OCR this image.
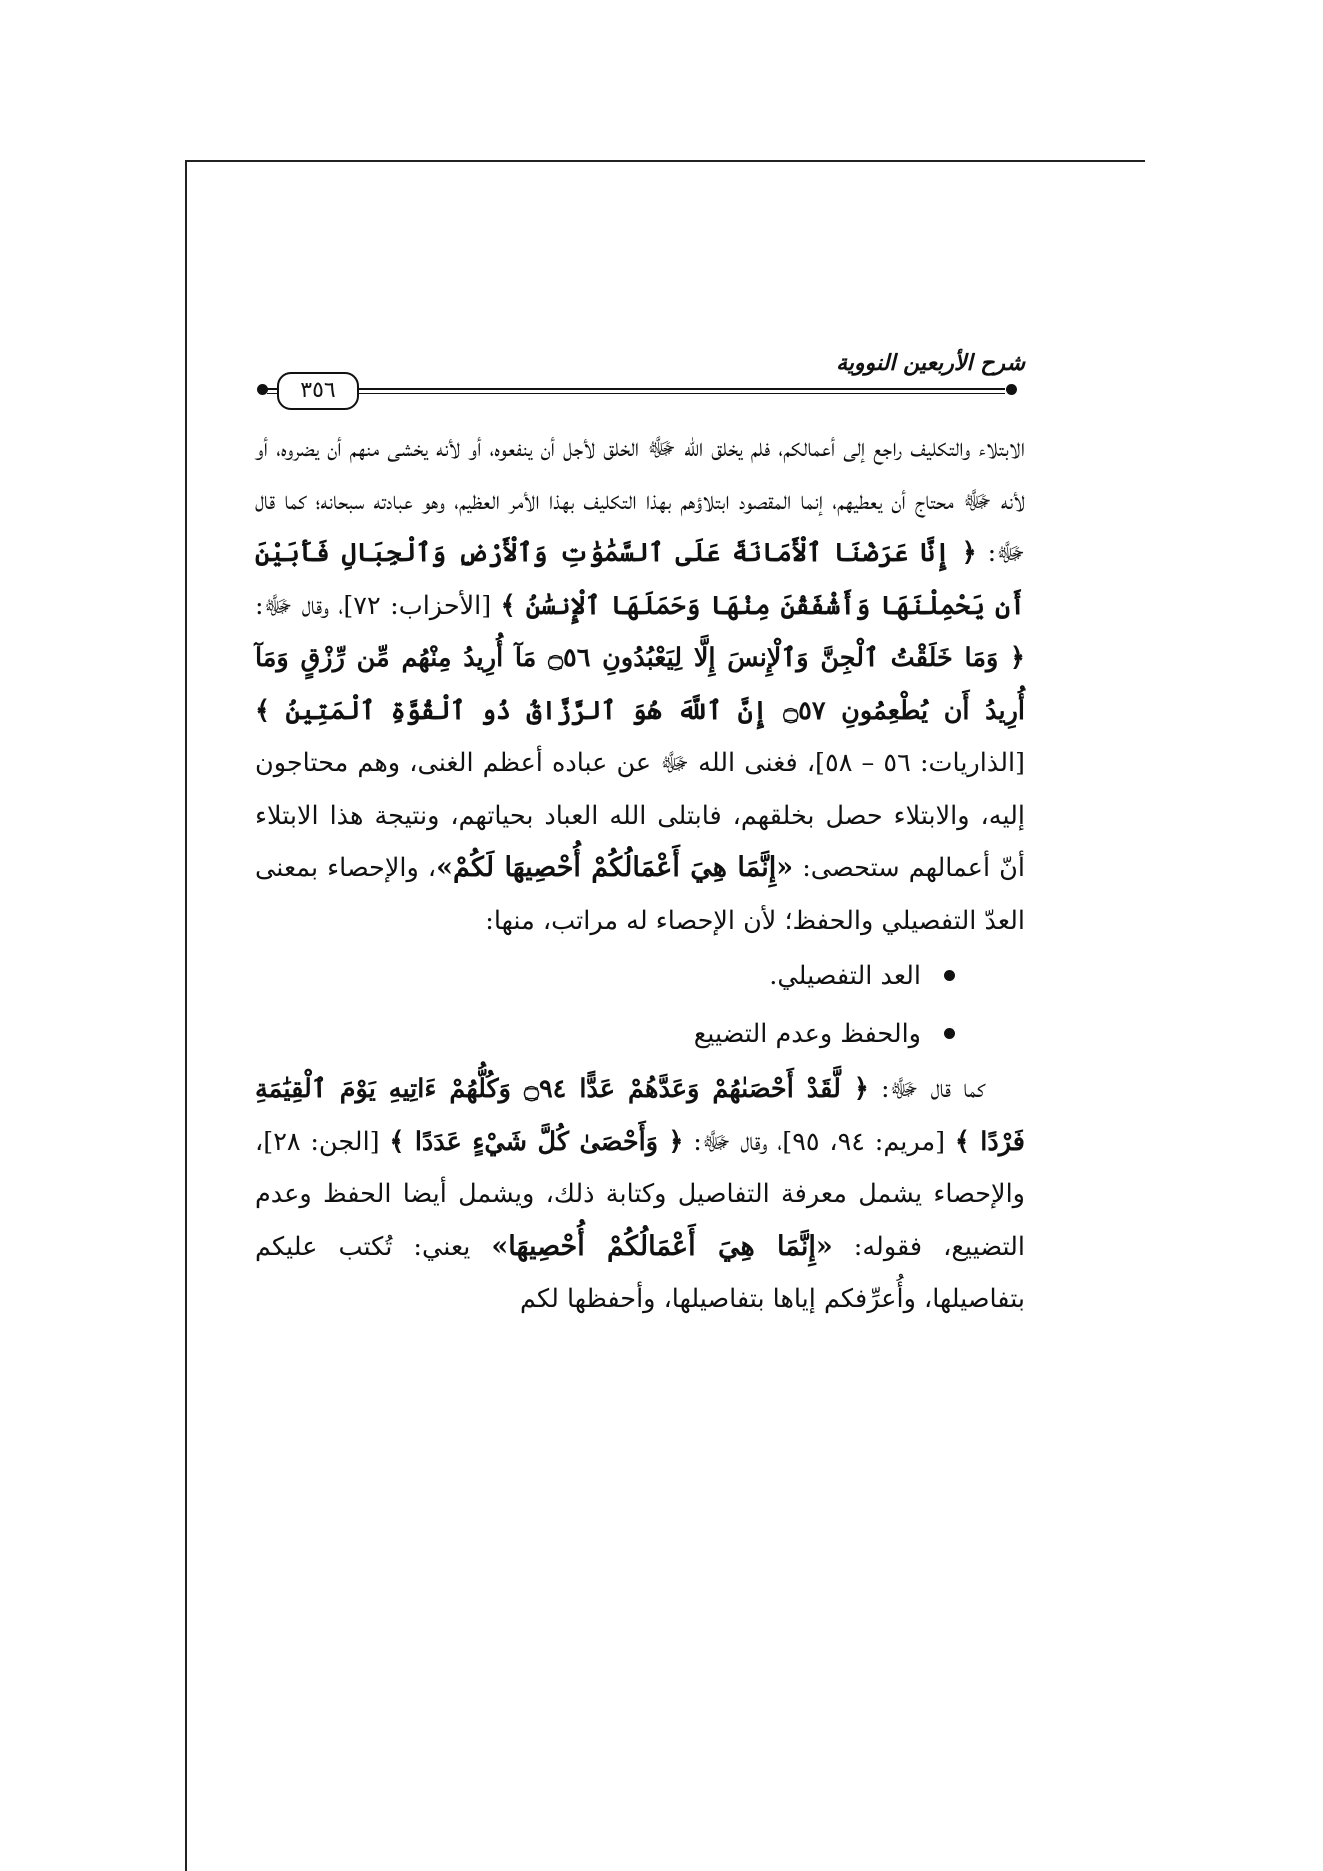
شرح الأربعين النووية
٣٥٦

الابتلاء والتكليف راجع إلى أعمالكم، فلم يخلق الله ﷻ الخلق لأجل أن ينفعوه، أو لأنه يخشى منهم أن يضروه، أو لأنه ﷻ محتاج أن يعطيهم، إنما المقصود ابتلاؤهم بهذا التكليف بهذا الأمر العظيم، وهو عبادته سبحانه؛ كما قال ﷻ: ﴿ إِنَّا عَرَضْنَا ٱلْأَمَانَةَ عَلَى ٱلسَّمَٰوَٰتِ وَٱلْأَرْضِ وَٱلْجِبَالِ فَأَبَيْنَ أَن يَحْمِلْنَهَا وَأَشْفَقْنَ مِنْهَا وَحَمَلَهَا ٱلْإِنسَٰنُ ﴾ [الأحزاب: ٧٢]، وقال ﷻ: ﴿ وَمَا خَلَقْتُ ٱلْجِنَّ وَٱلْإِنسَ إِلَّا لِيَعْبُدُونِ ۝٥٦ مَآ أُرِيدُ مِنْهُم مِّن رِّزْقٍ وَمَآ أُرِيدُ أَن يُطْعِمُونِ ۝٥٧ إِنَّ ٱللَّهَ هُوَ ٱلرَّزَّاقُ ذُو ٱلْقُوَّةِ ٱلْمَتِينُ ﴾ [الذاريات: ٥٦ – ٥٨]، فغنى الله ﷻ عن عباده أعظم الغنى، وهم محتاجون إليه، والابتلاء حصل بخلقهم، فابتلى الله العباد بحياتهم، ونتيجة هذا الابتلاء أنّ أعمالهم ستحصى: «إِنَّمَا هِيَ أَعْمَالُكُمْ أُحْصِيهَا لَكُمْ»، والإحصاء بمعنى العدّ التفصيلي والحفظ؛ لأن الإحصاء له مراتب، منها:

العد التفصيلي.
والحفظ وعدم التضييع

كما قال ﷻ: ﴿ لَّقَدْ أَحْصَىٰهُمْ وَعَدَّهُمْ عَدًّا ۝٩٤ وَكُلُّهُمْ ءَاتِيهِ يَوْمَ ٱلْقِيَٰمَةِ فَرْدًا ﴾ [مريم: ٩٤، ٩٥]، وقال ﷻ: ﴿ وَأَحْصَىٰ كُلَّ شَيْءٍ عَدَدًا ﴾ [الجن: ٢٨]، والإحصاء يشمل معرفة التفاصيل وكتابة ذلك، ويشمل أيضا الحفظ وعدم التضييع، فقوله: «إِنَّمَا هِيَ أَعْمَالُكُمْ أُحْصِيهَا» يعني: تُكتب عليكم بتفاصيلها، وأُعرِّفكم إياها بتفاصيلها، وأحفظها لكم
